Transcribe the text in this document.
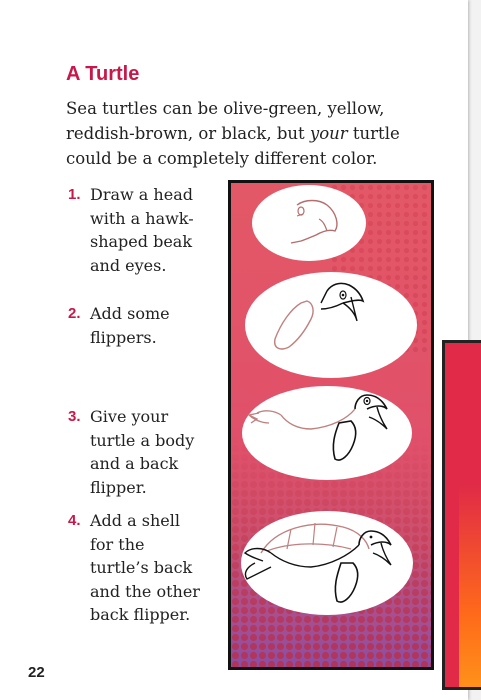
A Turtle

Sea turtles can be olive-green, yellow, reddish-brown, or black, but your turtle could be a completely different color.

1. Draw a head with a hawk-shaped beak and eyes.
2. Add some flippers.
3. Give your turtle a body and a back flipper.
4. Add a shell for the turtle’s back and the other back flipper.

22
